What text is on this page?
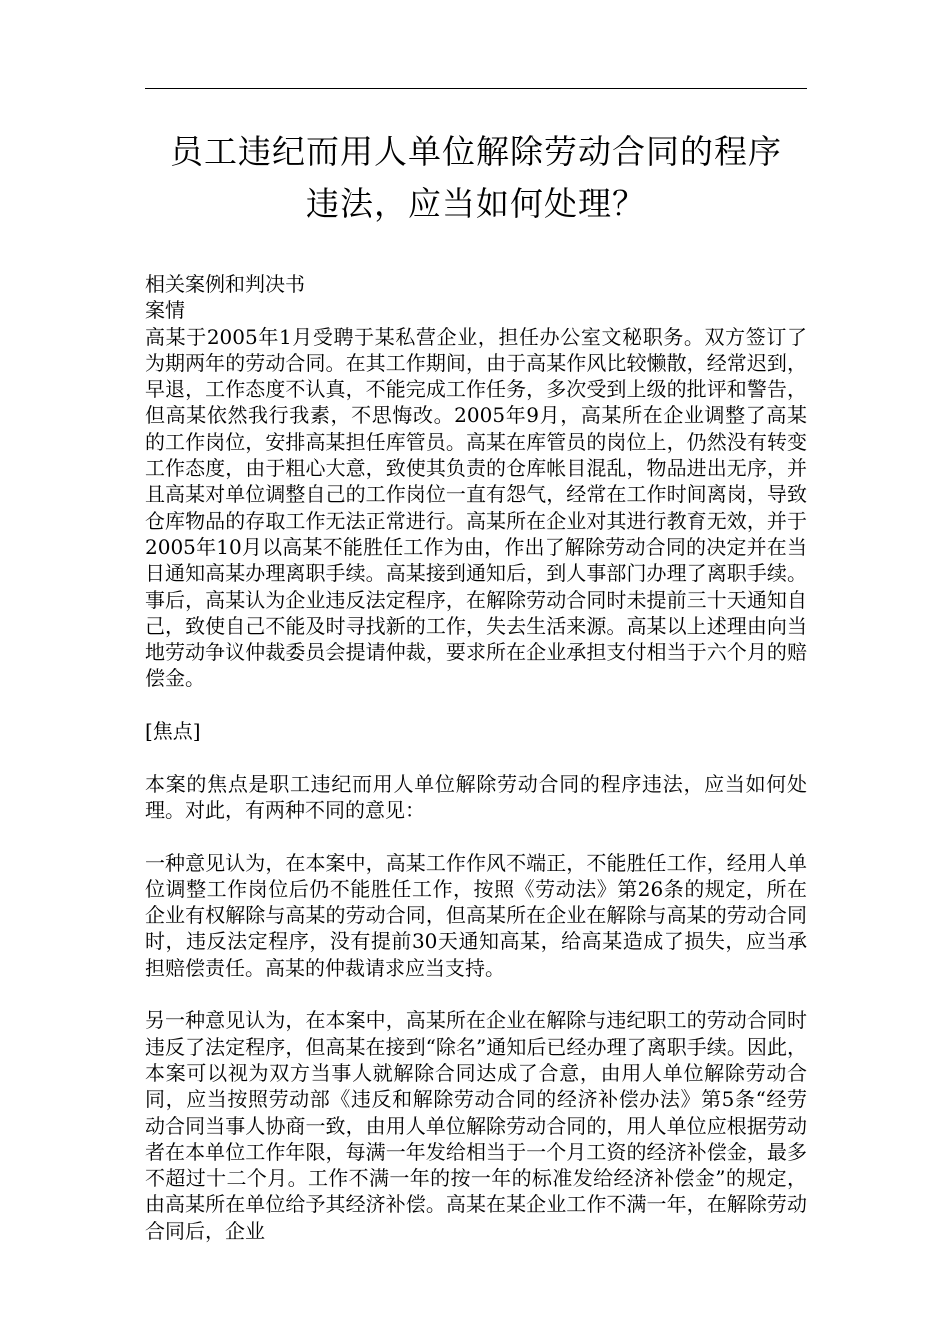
员工违纪而用人单位解除劳动合同的程序
违法，应当如何处理？

相关案例和判决书

案情

高某于2005年1月受聘于某私营企业，担任办公室文秘职务。双方签订了为期两年的劳动合同。在其工作期间，由于高某作风比较懒散，经常迟到，早退，工作态度不认真，不能完成工作任务，多次受到上级的批评和警告，但高某依然我行我素，不思悔改。2005年9月，高某所在企业调整了高某的工作岗位，安排高某担任库管员。高某在库管员的岗位上，仍然没有转变工作态度，由于粗心大意，致使其负责的仓库帐目混乱，物品进出无序，并且高某对单位调整自己的工作岗位一直有怨气，经常在工作时间离岗，导致仓库物品的存取工作无法正常进行。高某所在企业对其进行教育无效，并于2005年10月以高某不能胜任工作为由，作出了解除劳动合同的决定并在当日通知高某办理离职手续。高某接到通知后，到人事部门办理了离职手续。事后，高某认为企业违反法定程序，在解除劳动合同时未提前三十天通知自己，致使自己不能及时寻找新的工作，失去生活来源。高某以上述理由向当地劳动争议仲裁委员会提请仲裁，要求所在企业承担支付相当于六个月的赔偿金。

[焦点]

本案的焦点是职工违纪而用人单位解除劳动合同的程序违法，应当如何处理。对此，有两种不同的意见：

一种意见认为，在本案中，高某工作作风不端正，不能胜任工作，经用人单位调整工作岗位后仍不能胜任工作，按照《劳动法》第26条的规定，所在企业有权解除与高某的劳动合同，但高某所在企业在解除与高某的劳动合同时，违反法定程序，没有提前30天通知高某，给高某造成了损失，应当承担赔偿责任。高某的仲裁请求应当支持。

另一种意见认为，在本案中，高某所在企业在解除与违纪职工的劳动合同时违反了法定程序，但高某在接到“除名”通知后已经办理了离职手续。因此，本案可以视为双方当事人就解除合同达成了合意，由用人单位解除劳动合同，应当按照劳动部《违反和解除劳动合同的经济补偿办法》第5条“经劳动合同当事人协商一致，由用人单位解除劳动合同的，用人单位应根据劳动者在本单位工作年限，每满一年发给相当于一个月工资的经济补偿金，最多不超过十二个月。工作不满一年的按一年的标准发给经济补偿金”的规定，由高某所在单位给予其经济补偿。高某在某企业工作不满一年，在解除劳动合同后，企业
